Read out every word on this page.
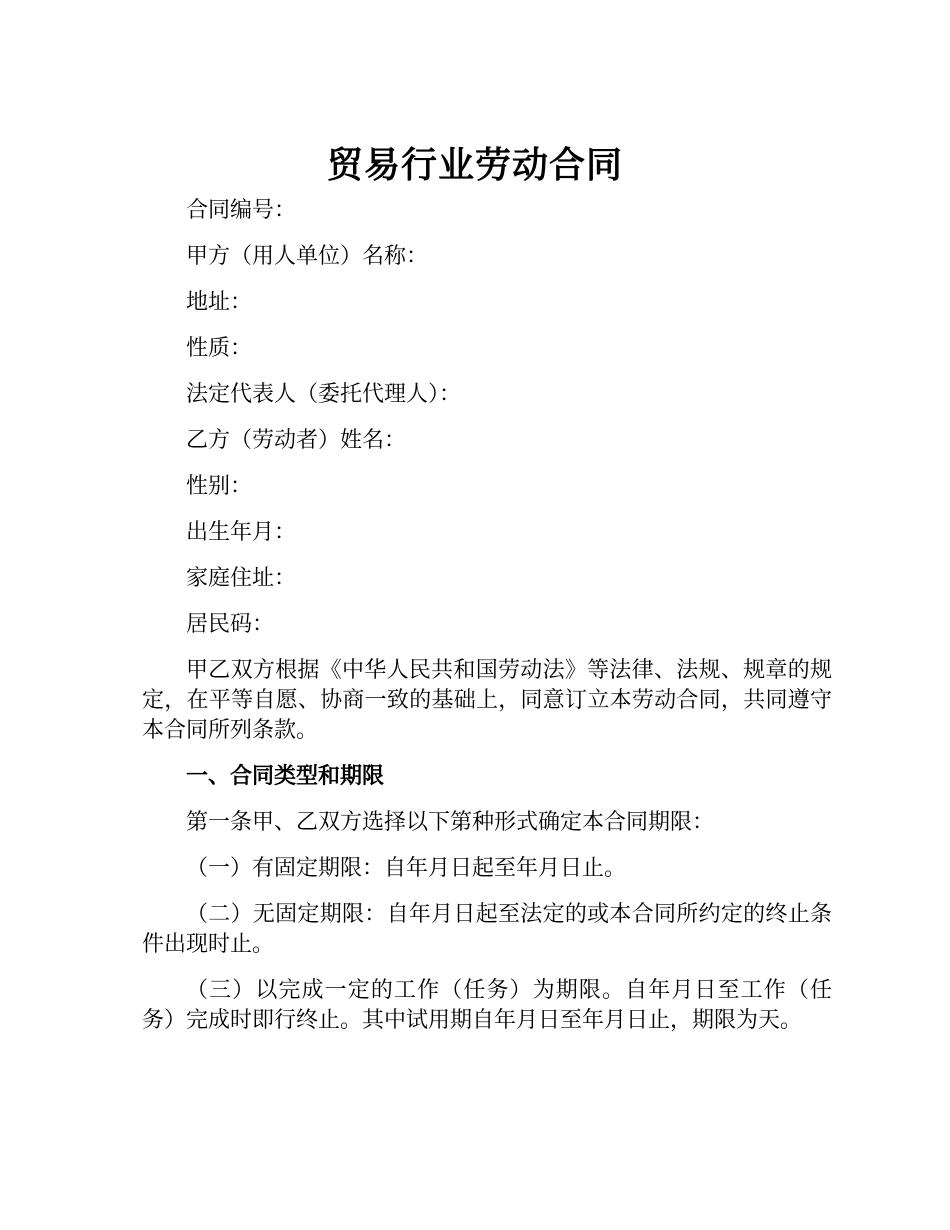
贸易行业劳动合同

合同编号：

甲方（用人单位）名称：

地址：

性质：

法定代表人（委托代理人）：

乙方（劳动者）姓名：

性别：

出生年月：

家庭住址：

居民码：

甲乙双方根据《中华人民共和国劳动法》等法律、法规、规章的规定，在平等自愿、协商一致的基础上，同意订立本劳动合同，共同遵守本合同所列条款。

一、合同类型和期限

第一条甲、乙双方选择以下第种形式确定本合同期限：

（一）有固定期限：自年月日起至年月日止。

（二）无固定期限：自年月日起至法定的或本合同所约定的终止条件出现时止。

（三）以完成一定的工作（任务）为期限。自年月日至工作（任务）完成时即行终止。其中试用期自年月日至年月日止，期限为天。
